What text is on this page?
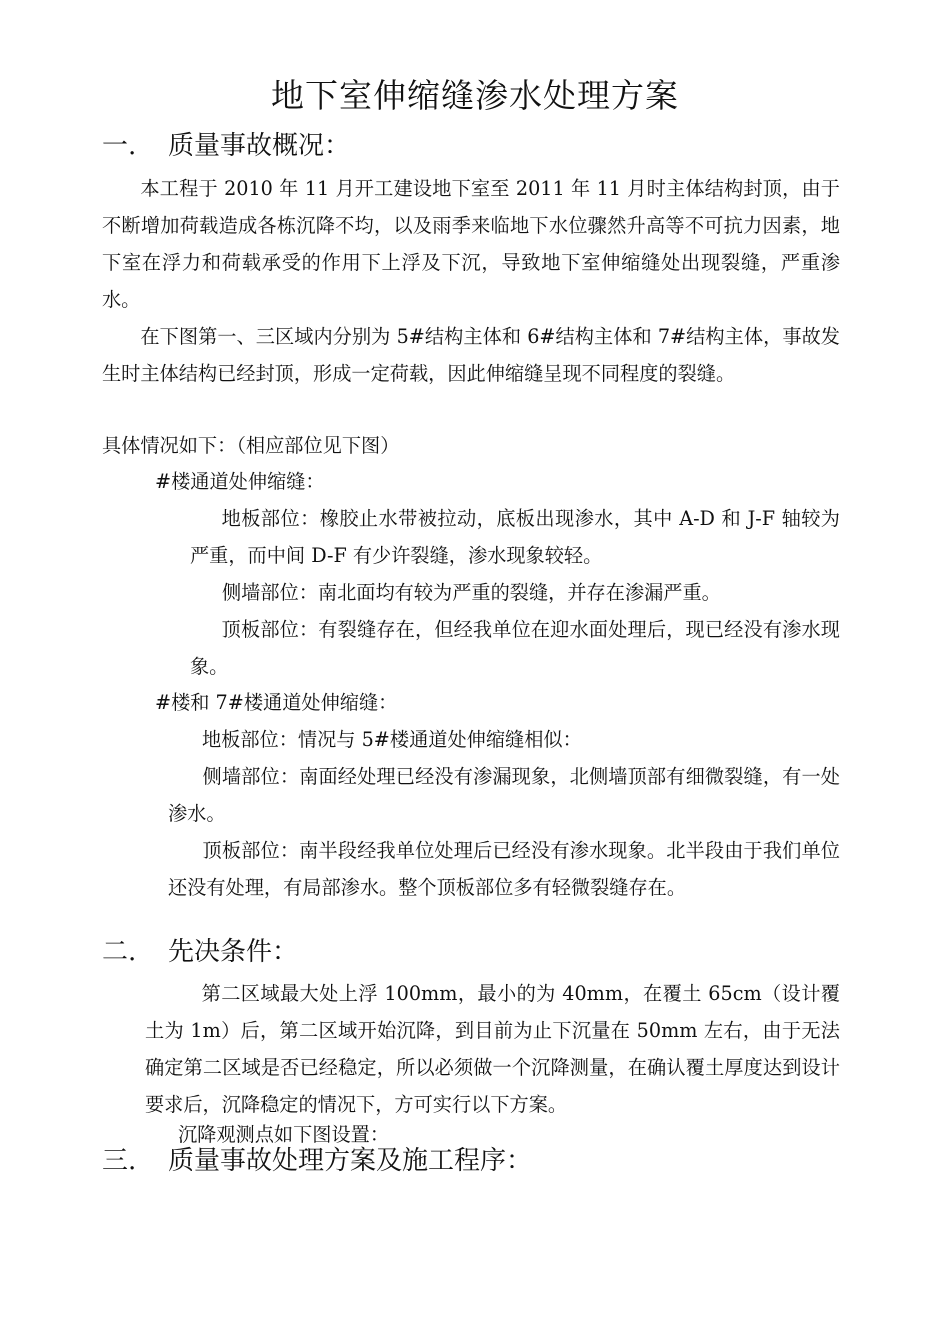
地下室伸缩缝渗水处理方案
一. 质量事故概况：
本工程于 2010 年 11 月开工建设地下室至 2011 年 11 月时主体结构封顶，由于不断增加荷载造成各栋沉降不均，以及雨季来临地下水位骤然升高等不可抗力因素，地下室在浮力和荷载承受的作用下上浮及下沉，导致地下室伸缩缝处出现裂缝，严重渗水。
在下图第一、三区域内分别为 5#结构主体和 6#结构主体和 7#结构主体，事故发生时主体结构已经封顶，形成一定荷载，因此伸缩缝呈现不同程度的裂缝。
具体情况如下：（相应部位见下图）
#楼通道处伸缩缝：
地板部位：橡胶止水带被拉动，底板出现渗水，其中 A-D 和 J-F 轴较为严重，而中间 D-F 有少许裂缝，渗水现象较轻。
侧墙部位：南北面均有较为严重的裂缝，并存在渗漏严重。
顶板部位：有裂缝存在，但经我单位在迎水面处理后，现已经没有渗水现象。
#楼和 7#楼通道处伸缩缝：
地板部位：情况与 5#楼通道处伸缩缝相似：
侧墙部位：南面经处理已经没有渗漏现象，北侧墙顶部有细微裂缝，有一处渗水。
顶板部位：南半段经我单位处理后已经没有渗水现象。北半段由于我们单位还没有处理，有局部渗水。整个顶板部位多有轻微裂缝存在。
二. 先决条件：
第二区域最大处上浮 100mm，最小的为 40mm，在覆土 65cm（设计覆土为 1m）后，第二区域开始沉降，到目前为止下沉量在 50mm 左右，由于无法确定第二区域是否已经稳定，所以必须做一个沉降测量，在确认覆土厚度达到设计要求后，沉降稳定的情况下，方可实行以下方案。
沉降观测点如下图设置：
三. 质量事故处理方案及施工程序：
